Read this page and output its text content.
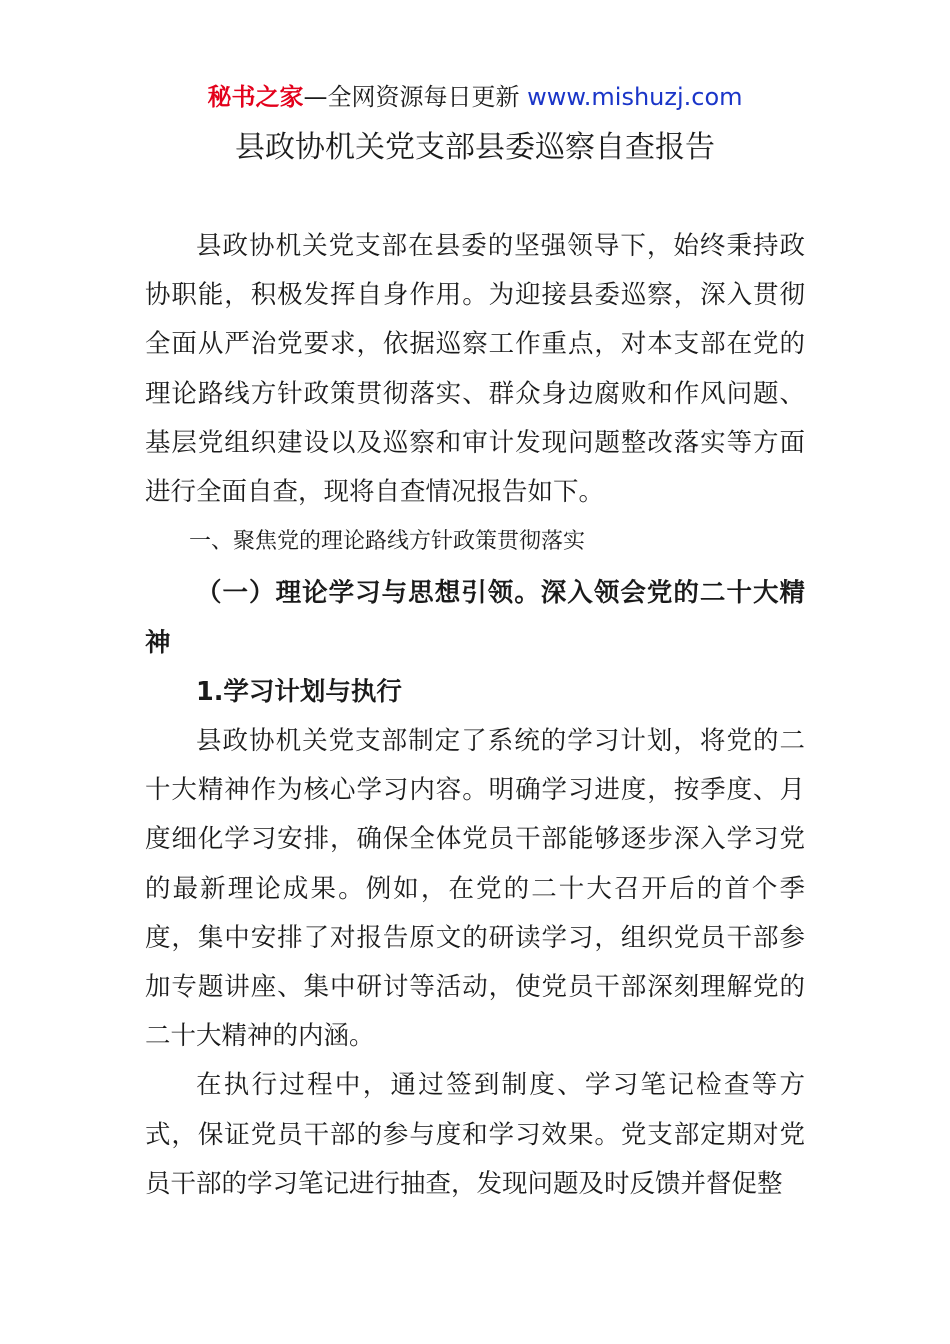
秘书之家—全网资源每日更新 www.mishuzj.com
县政协机关党支部县委巡察自查报告

县政协机关党支部在县委的坚强领导下，始终秉持政协职能，积极发挥自身作用。为迎接县委巡察，深入贯彻全面从严治党要求，依据巡察工作重点，对本支部在党的理论路线方针政策贯彻落实、群众身边腐败和作风问题、基层党组织建设以及巡察和审计发现问题整改落实等方面进行全面自查，现将自查情况报告如下。

一、聚焦党的理论路线方针政策贯彻落实

（一）理论学习与思想引领。深入领会党的二十大精神

1.学习计划与执行

县政协机关党支部制定了系统的学习计划，将党的二十大精神作为核心学习内容。明确学习进度，按季度、月度细化学习安排，确保全体党员干部能够逐步深入学习党的最新理论成果。例如，在党的二十大召开后的首个季度，集中安排了对报告原文的研读学习，组织党员干部参加专题讲座、集中研讨等活动，使党员干部深刻理解党的二十大精神的内涵。

在执行过程中，通过签到制度、学习笔记检查等方式，保证党员干部的参与度和学习效果。党支部定期对党员干部的学习笔记进行抽查，发现问题及时反馈并督促整
